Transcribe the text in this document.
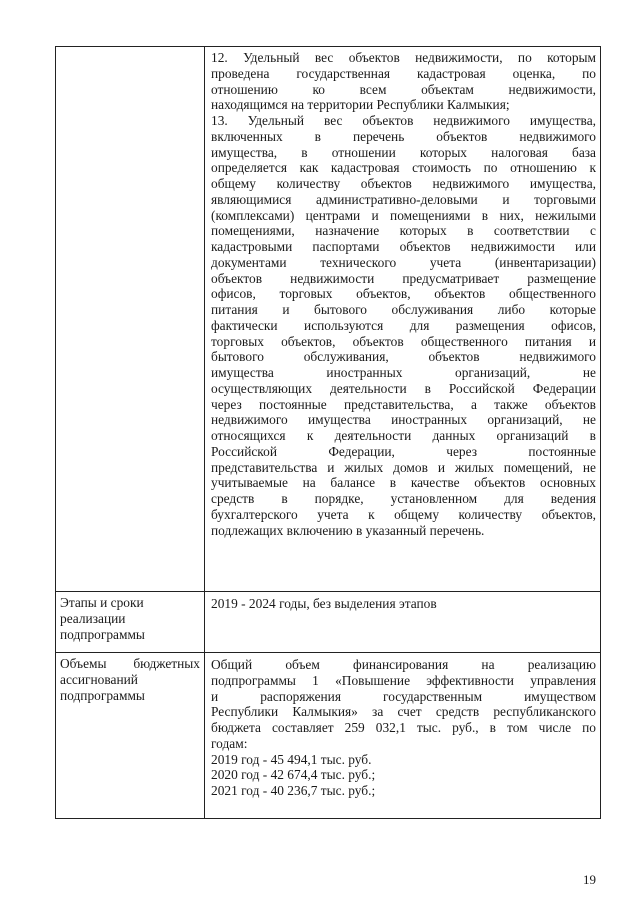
12. Удельный вес объектов недвижимости, по которым
проведена государственная кадастровая оценка, по
отношению ко всем объектам недвижимости,
находящимся на территории Республики Калмыкия;
13. Удельный вес объектов недвижимого имущества,
включенных в перечень объектов недвижимого
имущества, в отношении которых налоговая база
определяется как кадастровая стоимость по отношению к
общему количеству объектов недвижимого имущества,
являющимися административно-деловыми и торговыми
(комплексами) центрами и помещениями в них, нежилыми
помещениями, назначение которых в соответствии с
кадастровыми паспортами объектов недвижимости или
документами технического учета (инвентаризации)
объектов недвижимости предусматривает размещение
офисов, торговых объектов, объектов общественного
питания и бытового обслуживания либо которые
фактически используются для размещения офисов,
торговых объектов, объектов общественного питания и
бытового обслуживания, объектов недвижимого
имущества иностранных организаций, не
осуществляющих деятельности в Российской Федерации
через постоянные представительства, а также объектов
недвижимого имущества иностранных организаций, не
относящихся к деятельности данных организаций в
Российской Федерации, через постоянные
представительства и жилых домов и жилых помещений, не
учитываемые на балансе в качестве объектов основных
средств в порядке, установленном для ведения
бухгалтерского учета к общему количеству объектов,
подлежащих включению в указанный перечень.
Этапы и сроки
реализации
подпрограммы
2019 - 2024 годы, без выделения этапов
Объемы бюджетных
ассигнований
подпрограммы
Общий объем финансирования на реализацию
подпрограммы 1 «Повышение эффективности управления
и распоряжения государственным имуществом
Республики Калмыкия» за счет средств республиканского
бюджета составляет 259 032,1 тыс. руб., в том числе по
годам:
2019 год - 45 494,1 тыс. руб.
2020 год - 42 674,4 тыс. руб.;
2021 год - 40 236,7 тыс. руб.;
19
